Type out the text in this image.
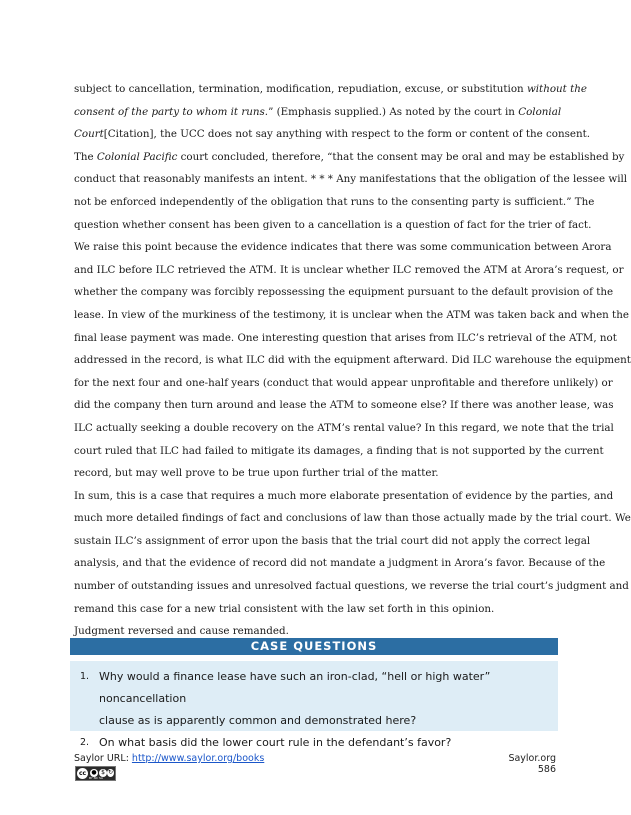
subject to cancellation, termination, modification, repudiation, excuse, or substitution without the
consent of the party to whom it runs.” (Emphasis supplied.) As noted by the court in Colonial
Court[Citation], the UCC does not say anything with respect to the form or content of the consent.
The Colonial Pacific court concluded, therefore, “that the consent may be oral and may be established by
conduct that reasonably manifests an intent. * * * Any manifestations that the obligation of the lessee will
not be enforced independently of the obligation that runs to the consenting party is sufficient.” The
question whether consent has been given to a cancellation is a question of fact for the trier of fact.
We raise this point because the evidence indicates that there was some communication between Arora
and ILC before ILC retrieved the ATM. It is unclear whether ILC removed the ATM at Arora’s request, or
whether the company was forcibly repossessing the equipment pursuant to the default provision of the
lease. In view of the murkiness of the testimony, it is unclear when the ATM was taken back and when the
final lease payment was made. One interesting question that arises from ILC’s retrieval of the ATM, not
addressed in the record, is what ILC did with the equipment afterward. Did ILC warehouse the equipment
for the next four and one-half years (conduct that would appear unprofitable and therefore unlikely) or
did the company then turn around and lease the ATM to someone else? If there was another lease, was
ILC actually seeking a double recovery on the ATM’s rental value? In this regard, we note that the trial
court ruled that ILC had failed to mitigate its damages, a finding that is not supported by the current
record, but may well prove to be true upon further trial of the matter.
In sum, this is a case that requires a much more elaborate presentation of evidence by the parties, and
much more detailed findings of fact and conclusions of law than those actually made by the trial court. We
sustain ILC’s assignment of error upon the basis that the trial court did not apply the correct legal
analysis, and that the evidence of record did not mandate a judgment in Arora’s favor. Because of the
number of outstanding issues and unresolved factual questions, we reverse the trial court’s judgment and
remand this case for a new trial consistent with the law set forth in this opinion.
Judgment reversed and cause remanded.
CASE QUESTIONS
1. Why would a finance lease have such an iron-clad, “hell or high water” noncancellation
clause as is apparently common and demonstrated here?
2. On what basis did the lower court rule in the defendant’s favor?
Saylor URL: http://www.saylor.org/books	Saylor.org
586
cc ● $ ↻
BY NC SA
